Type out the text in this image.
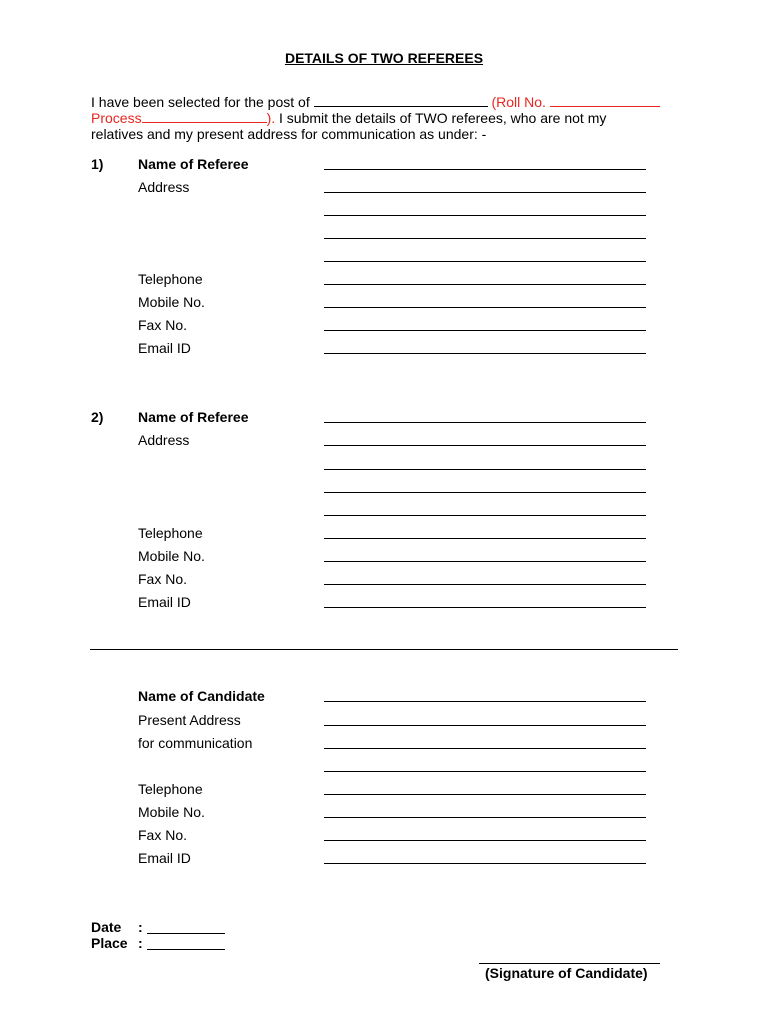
DETAILS OF TWO REFEREES
I have been selected for the post of	(Roll No.
Process	). I submit the details of TWO referees, who are not my
relatives and my present address for communication as under: -
1) Name of Referee
Address
Telephone
Mobile No.
Fax No.
Email ID
2) Name of Referee
Address
Telephone
Mobile No.
Fax No.
Email ID
Name of Candidate
Present Address
for communication
Telephone
Mobile No.
Fax No.
Email ID
Date :
Place :
(Signature of Candidate)
